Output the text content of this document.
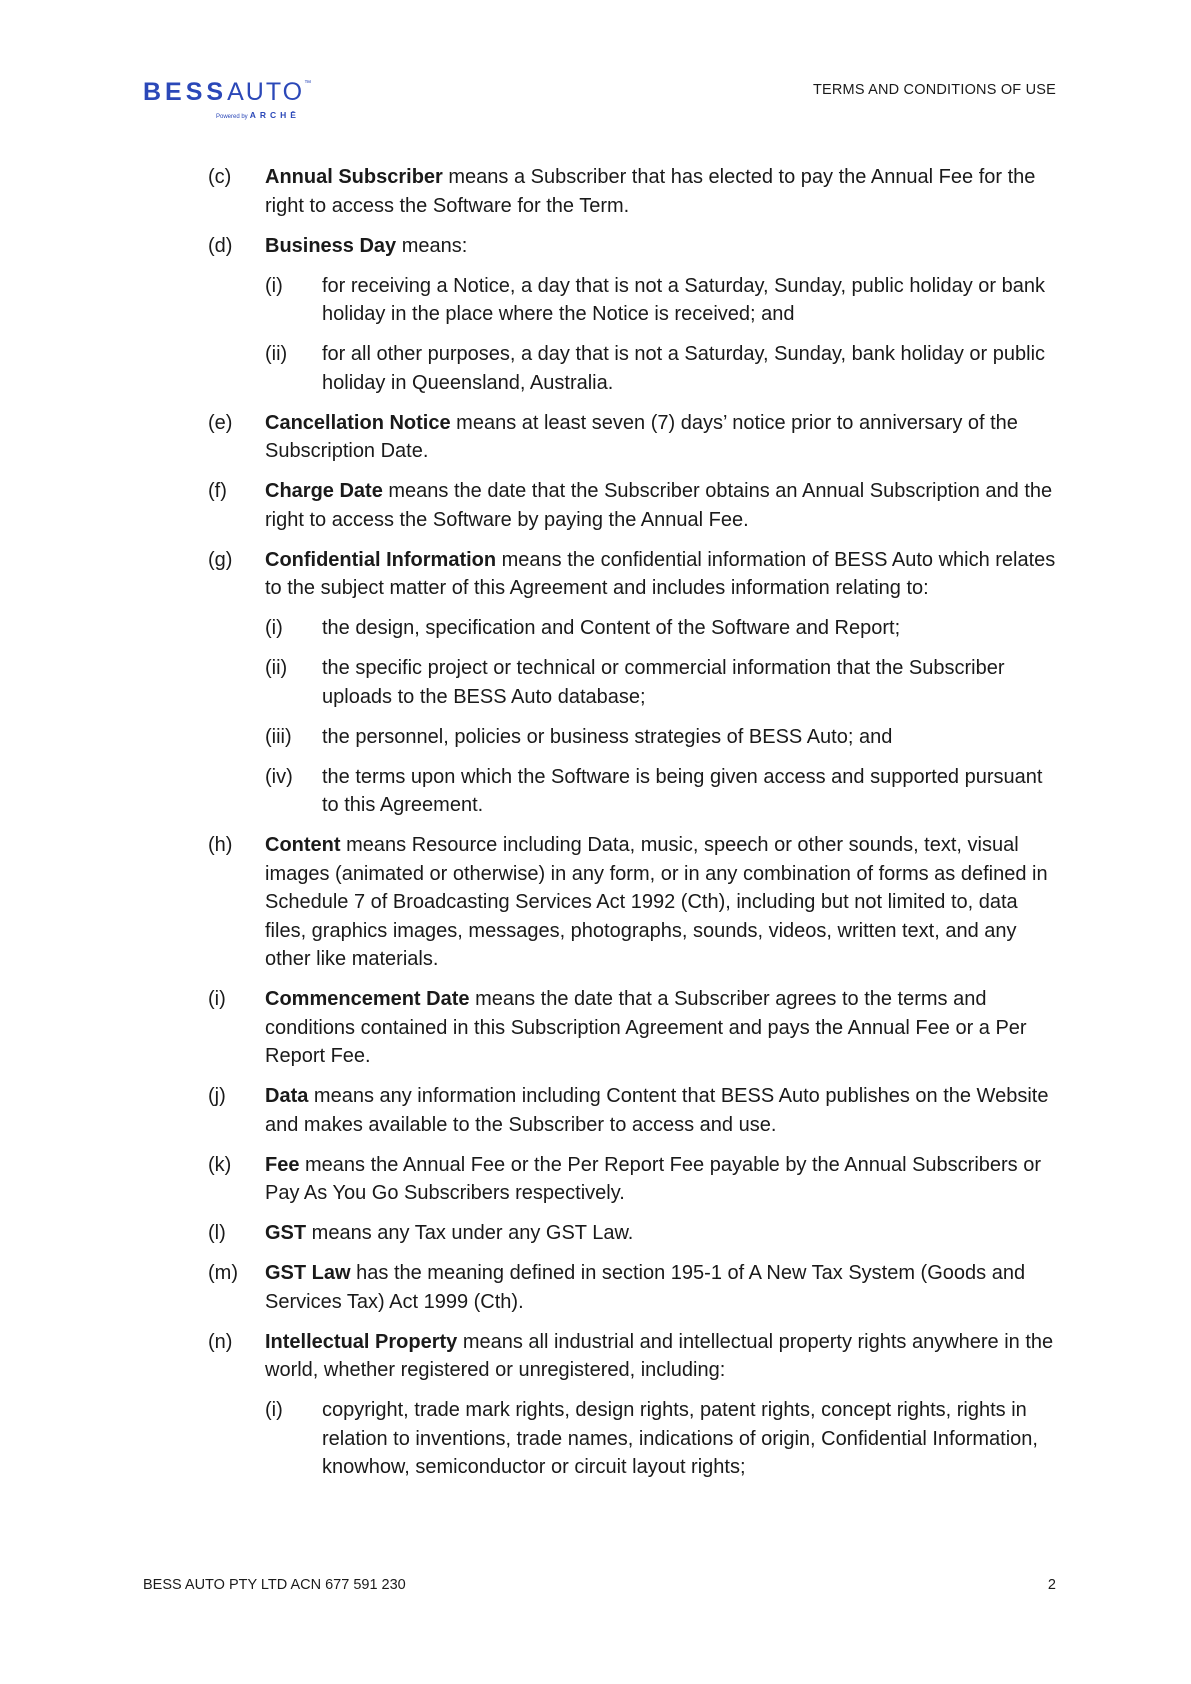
BESSAUTO™
Powered by ARCHĒ
TERMS AND CONDITIONS OF USE
(c)	Annual Subscriber means a Subscriber that has elected to pay the Annual Fee for the right to access the Software for the Term.
(d)	Business Day means:
(i)	for receiving a Notice, a day that is not a Saturday, Sunday, public holiday or bank holiday in the place where the Notice is received; and
(ii)	for all other purposes, a day that is not a Saturday, Sunday, bank holiday or public holiday in Queensland, Australia.
(e)	Cancellation Notice means at least seven (7) days’ notice prior to anniversary of the Subscription Date.
(f)	Charge Date means the date that the Subscriber obtains an Annual Subscription and the right to access the Software by paying the Annual Fee.
(g)	Confidential Information means the confidential information of BESS Auto which relates to the subject matter of this Agreement and includes information relating to:
(i)	the design, specification and Content of the Software and Report;
(ii)	the specific project or technical or commercial information that the Subscriber uploads to the BESS Auto database;
(iii)	the personnel, policies or business strategies of BESS Auto; and
(iv)	the terms upon which the Software is being given access and supported pursuant to this Agreement.
(h)	Content means Resource including Data, music, speech or other sounds, text, visual images (animated or otherwise) in any form, or in any combination of forms as defined in Schedule 7 of Broadcasting Services Act 1992 (Cth), including but not limited to, data files, graphics images, messages, photographs, sounds, videos, written text, and any other like materials.
(i)	Commencement Date means the date that a Subscriber agrees to the terms and conditions contained in this Subscription Agreement and pays the Annual Fee or a Per Report Fee.
(j)	Data means any information including Content that BESS Auto publishes on the Website and makes available to the Subscriber to access and use.
(k)	Fee means the Annual Fee or the Per Report Fee payable by the Annual Subscribers or Pay As You Go Subscribers respectively.
(l)	GST means any Tax under any GST Law.
(m)	GST Law has the meaning defined in section 195-1 of A New Tax System (Goods and Services Tax) Act 1999 (Cth).
(n)	Intellectual Property means all industrial and intellectual property rights anywhere in the world, whether registered or unregistered, including:
(i)	copyright, trade mark rights, design rights, patent rights, concept rights, rights in relation to inventions, trade names, indications of origin, Confidential Information, knowhow, semiconductor or circuit layout rights;
BESS AUTO PTY LTD ACN 677 591 230	2
